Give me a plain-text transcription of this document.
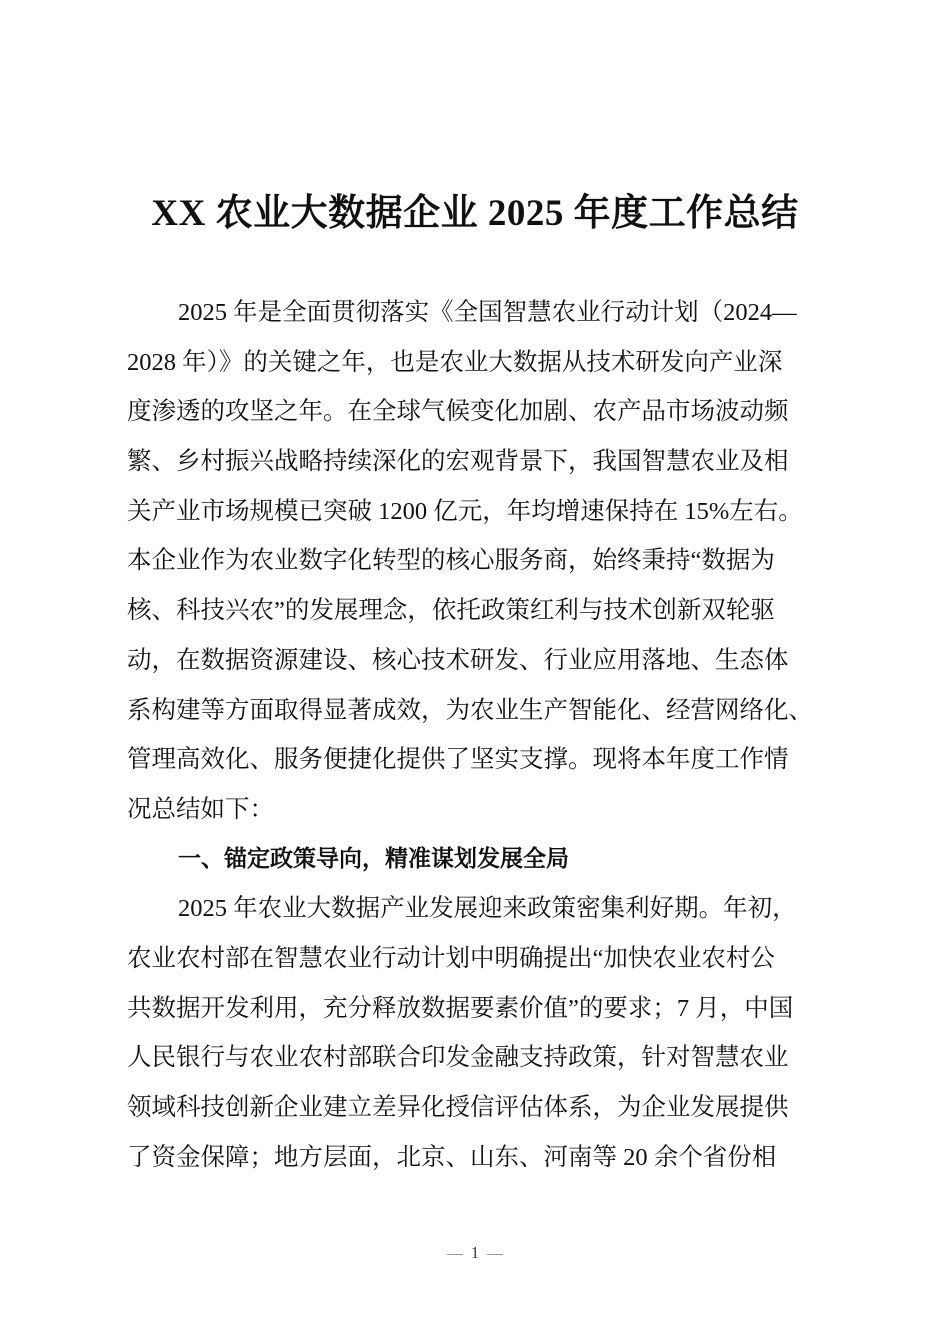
XX 农业大数据企业 2025 年度工作总结
2025 年是全面贯彻落实《全国智慧农业行动计划（2024—
2028 年）》的关键之年，也是农业大数据从技术研发向产业深
度渗透的攻坚之年。在全球气候变化加剧、农产品市场波动频
繁、乡村振兴战略持续深化的宏观背景下，我国智慧农业及相
关产业市场规模已突破 1200 亿元，年均增速保持在 15%左右。
本企业作为农业数字化转型的核心服务商，始终秉持“数据为
核、科技兴农”的发展理念，依托政策红利与技术创新双轮驱
动，在数据资源建设、核心技术研发、行业应用落地、生态体
系构建等方面取得显著成效，为农业生产智能化、经营网络化、
管理高效化、服务便捷化提供了坚实支撑。现将本年度工作情
况总结如下：
一、锚定政策导向，精准谋划发展全局
2025 年农业大数据产业发展迎来政策密集利好期。年初，
农业农村部在智慧农业行动计划中明确提出“加快农业农村公
共数据开发利用，充分释放数据要素价值”的要求；7 月，中国
人民银行与农业农村部联合印发金融支持政策，针对智慧农业
领域科技创新企业建立差异化授信评估体系，为企业发展提供
了资金保障；地方层面，北京、山东、河南等 20 余个省份相
1
